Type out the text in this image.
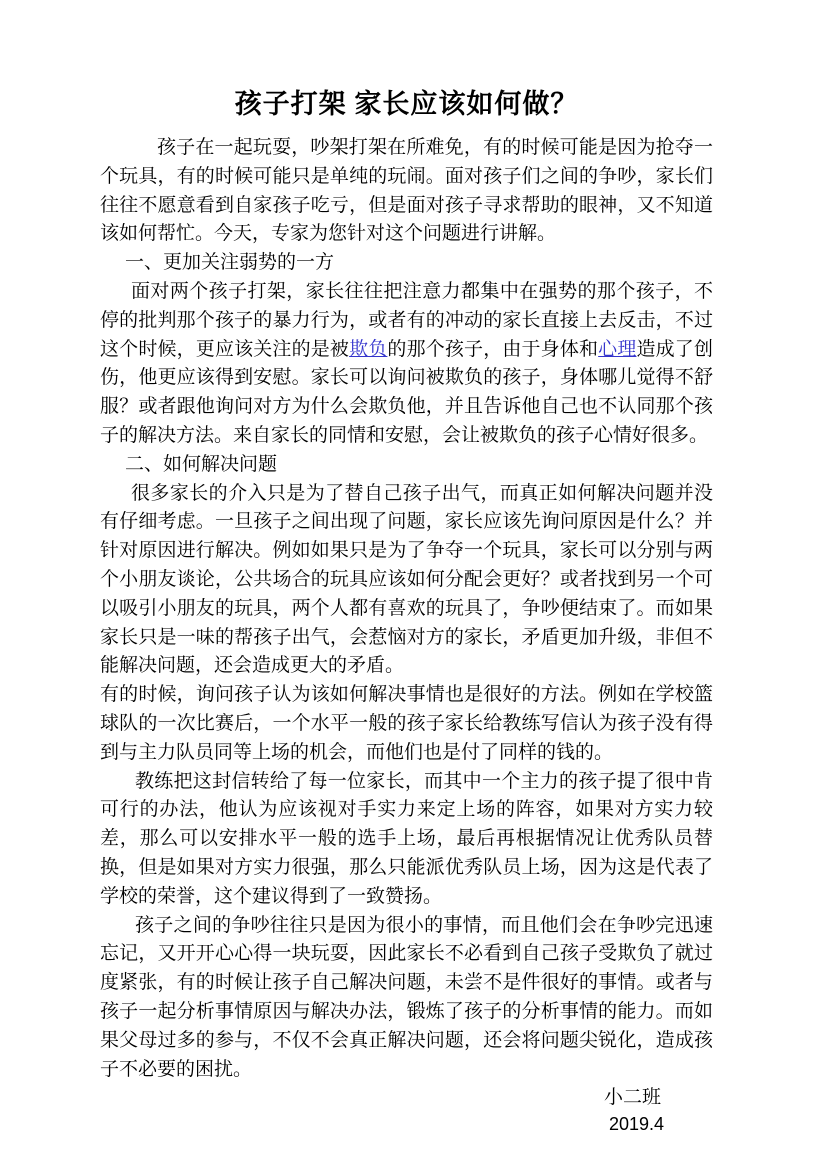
孩子打架 家长应该如何做？

孩子在一起玩耍，吵架打架在所难免，有的时候可能是因为抢夺一个玩具，有的时候可能只是单纯的玩闹。面对孩子们之间的争吵，家长们往往不愿意看到自家孩子吃亏，但是面对孩子寻求帮助的眼神，又不知道该如何帮忙。今天，专家为您针对这个问题进行讲解。

一、更加关注弱势的一方

面对两个孩子打架，家长往往把注意力都集中在强势的那个孩子，不停的批判那个孩子的暴力行为，或者有的冲动的家长直接上去反击，不过这个时候，更应该关注的是被欺负的那个孩子，由于身体和心理造成了创伤，他更应该得到安慰。家长可以询问被欺负的孩子，身体哪儿觉得不舒服？或者跟他询问对方为什么会欺负他，并且告诉他自己也不认同那个孩子的解决方法。来自家长的同情和安慰，会让被欺负的孩子心情好很多。

二、如何解决问题

很多家长的介入只是为了替自己孩子出气，而真正如何解决问题并没有仔细考虑。一旦孩子之间出现了问题，家长应该先询问原因是什么？并针对原因进行解决。例如如果只是为了争夺一个玩具，家长可以分别与两个小朋友谈论，公共场合的玩具应该如何分配会更好？或者找到另一个可以吸引小朋友的玩具，两个人都有喜欢的玩具了，争吵便结束了。而如果家长只是一味的帮孩子出气，会惹恼对方的家长，矛盾更加升级，非但不能解决问题，还会造成更大的矛盾。

有的时候，询问孩子认为该如何解决事情也是很好的方法。例如在学校篮球队的一次比赛后，一个水平一般的孩子家长给教练写信认为孩子没有得到与主力队员同等上场的机会，而他们也是付了同样的钱的。

教练把这封信转给了每一位家长，而其中一个主力的孩子提了很中肯可行的办法，他认为应该视对手实力来定上场的阵容，如果对方实力较差，那么可以安排水平一般的选手上场，最后再根据情况让优秀队员替换，但是如果对方实力很强，那么只能派优秀队员上场，因为这是代表了学校的荣誉，这个建议得到了一致赞扬。

孩子之间的争吵往往只是因为很小的事情，而且他们会在争吵完迅速忘记，又开开心心得一块玩耍，因此家长不必看到自己孩子受欺负了就过度紧张，有的时候让孩子自己解决问题，未尝不是件很好的事情。或者与孩子一起分析事情原因与解决办法，锻炼了孩子的分析事情的能力。而如果父母过多的参与，不仅不会真正解决问题，还会将问题尖锐化，造成孩子不必要的困扰。

小二班
2019.4
